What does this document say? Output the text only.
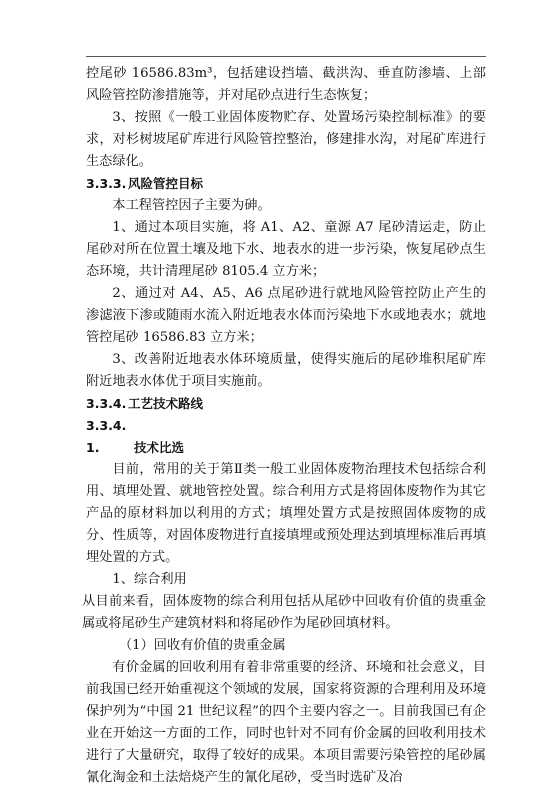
控尾砂 16586.83m³，包括建设挡墙、截洪沟、垂直防渗墙、上部风险管控防渗措施等，并对尾砂点进行生态恢复；

3、按照《一般工业固体废物贮存、处置场污染控制标准》的要求，对杉树坡尾矿库进行风险管控整治，修建排水沟，对尾矿库进行生态绿化。

3.3.3. 风险管控目标

本工程管控因子主要为砷。

1、通过本项目实施，将 A1、A2、童源 A7 尾砂清运走，防止尾砂对所在位置土壤及地下水、地表水的进一步污染，恢复尾砂点生态环境，共计清理尾砂 8105.4 立方米；

2、通过对 A4、A5、A6 点尾砂进行就地风险管控防止产生的渗滤液下渗或随雨水流入附近地表水体而污染地下水或地表水；就地管控尾砂 16586.83 立方米；

3、改善附近地表水体环境质量，使得实施后的尾砂堆积尾矿库附近地表水体优于项目实施前。

3.3.4. 工艺技术路线

3.3.4.1.	技术比选

目前，常用的关于第Ⅱ类一般工业固体废物治理技术包括综合利用、填埋处置、就地管控处置。综合利用方式是将固体废物作为其它产品的原材料加以利用的方式；填埋处置方式是按照固体废物的成分、性质等，对固体废物进行直接填埋或预处理达到填埋标准后再填埋处置的方式。

1、综合利用

从目前来看，固体废物的综合利用包括从尾砂中回收有价值的贵重金属或将尾砂生产建筑材料和将尾砂作为尾砂回填材料。

（1）回收有价值的贵重金属

有价金属的回收利用有着非常重要的经济、环境和社会意义，目前我国已经开始重视这个领域的发展，国家将资源的合理利用及环境保护列为“中国 21 世纪议程”的四个主要内容之一。目前我国已有企业在开始这一方面的工作，同时也针对不同有价金属的回收利用技术进行了大量研究，取得了较好的成果。本项目需要污染管控的尾砂属氰化淘金和土法焙烧产生的氰化尾砂，受当时选矿及冶
